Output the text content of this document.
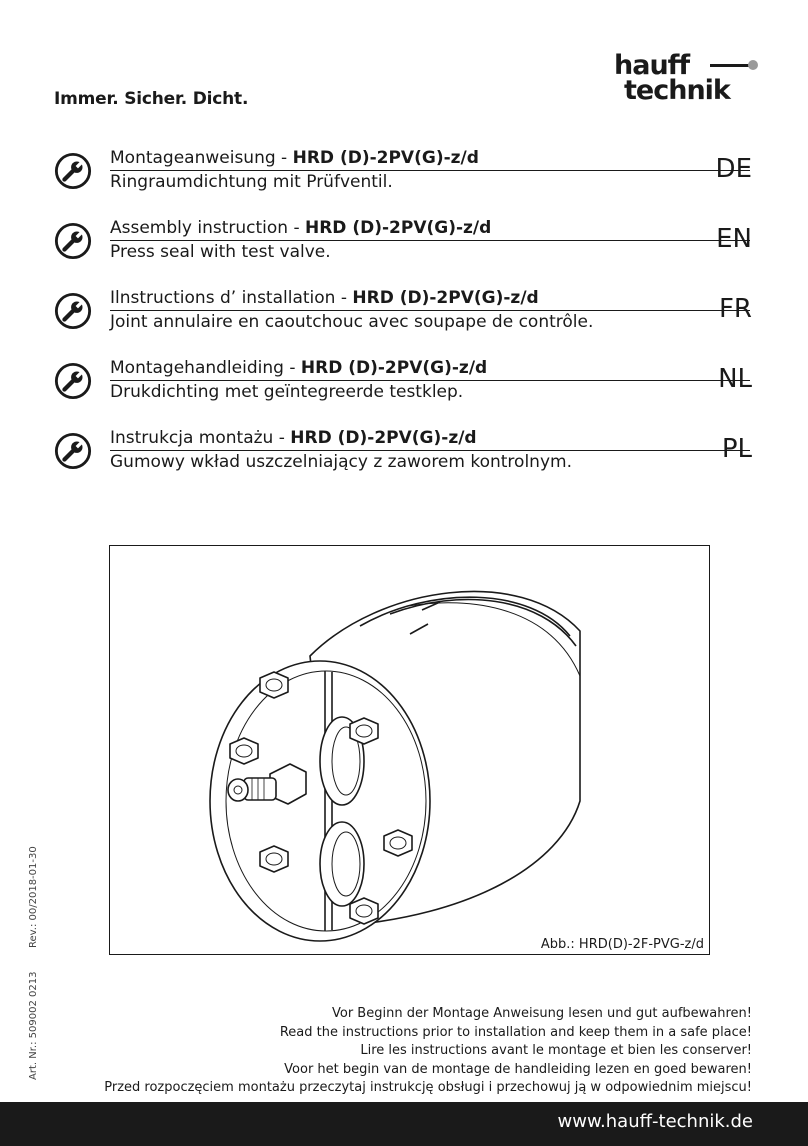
Immer. Sicher. Dicht.
hauff
technik
Montageanweisung - HRD (D)-2PV(G)-z/d
Ringraumdichtung mit Prüfventil.	DE
Assembly instruction - HRD (D)-2PV(G)-z/d
Press seal with test valve.	EN
Ilnstructions d’ installation - HRD (D)-2PV(G)-z/d
Joint annulaire en caoutchouc avec soupape de contrôle.	FR
Montagehandleiding - HRD (D)-2PV(G)-z/d
Drukdichting met geïntegreerde testklep.	NL
Instrukcja montażu - HRD (D)-2PV(G)-z/d
Gumowy wkład uszczelniający z zaworem kontrolnym.	PL
Abb.: HRD(D)-2F-PVG-z/d
Rev.: 00/2018-01-30
Art. Nr.: 509002 0213	Vor Beginn der Montage Anweisung lesen und gut aufbewahren!
Read the instructions prior to installation and keep them in a safe place!
Lire les instructions avant le montage et bien les conserver!
Voor het begin van de montage de handleiding lezen en goed bewaren!
Przed rozpoczęciem montażu przeczytaj instrukcję obsługi i przechowuj ją w odpowiednim miejscu!
www.hauff-technik.de
